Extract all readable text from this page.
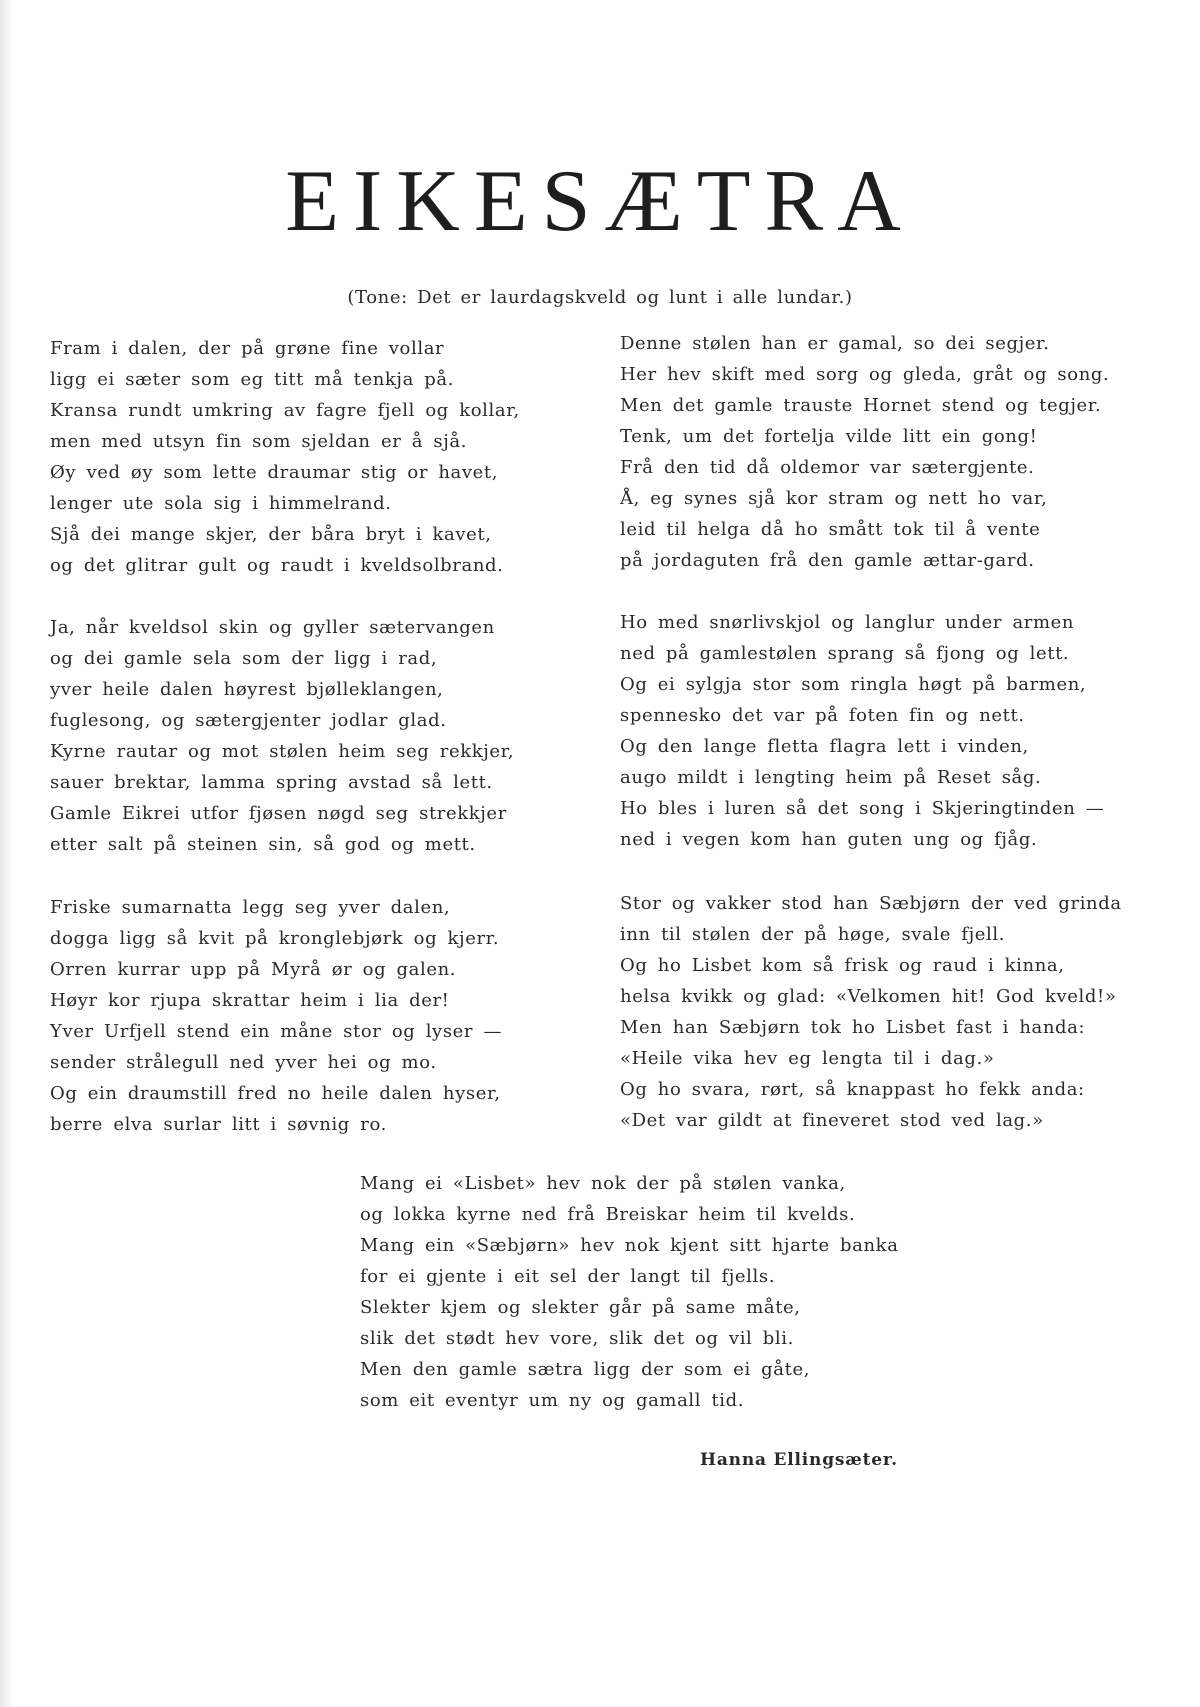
EIKESÆTRA

(Tone: Det er laurdagskveld og lunt i alle lundar.)

Fram i dalen, der på grøne fine vollar
ligg ei sæter som eg titt må tenkja på.
Kransa rundt umkring av fagre fjell og kollar,
men med utsyn fin som sjeldan er å sjå.
Øy ved øy som lette draumar stig or havet,
lenger ute sola sig i himmelrand.
Sjå dei mange skjer, der båra bryt i kavet,
og det glitrar gult og raudt i kveldsolbrand.
Ja, når kveldsol skin og gyller sætervangen
og dei gamle sela som der ligg i rad,
yver heile dalen høyrest bjølleklangen,
fuglesong, og sætergjenter jodlar glad.
Kyrne rautar og mot stølen heim seg rekkjer,
sauer brektar, lamma spring avstad så lett.
Gamle Eikrei utfor fjøsen nøgd seg strekkjer
etter salt på steinen sin, så god og mett.
Friske sumarnatta legg seg yver dalen,
dogga ligg så kvit på kronglebjørk og kjerr.
Orren kurrar upp på Myrå ør og galen.
Høyr kor rjupa skrattar heim i lia der!
Yver Urfjell stend ein måne stor og lyser —
sender strålegull ned yver hei og mo.
Og ein draumstill fred no heile dalen hyser,
berre elva surlar litt i søvnig ro.
Denne stølen han er gamal, so dei segjer.
Her hev skift med sorg og gleda, gråt og song.
Men det gamle trauste Hornet stend og tegjer.
Tenk, um det fortelja vilde litt ein gong!
Frå den tid då oldemor var sætergjente.
Å, eg synes sjå kor stram og nett ho var,
leid til helga då ho smått tok til å vente
på jordaguten frå den gamle ættar-gard.
Ho med snørlivskjol og langlur under armen
ned på gamlestølen sprang så fjong og lett.
Og ei sylgja stor som ringla høgt på barmen,
spennesko det var på foten fin og nett.
Og den lange fletta flagra lett i vinden,
augo mildt i lengting heim på Reset såg.
Ho bles i luren så det song i Skjeringtinden —
ned i vegen kom han guten ung og fjåg.
Stor og vakker stod han Sæbjørn der ved grinda
inn til stølen der på høge, svale fjell.
Og ho Lisbet kom så frisk og raud i kinna,
helsa kvikk og glad: «Velkomen hit! God kveld!»
Men han Sæbjørn tok ho Lisbet fast i handa:
«Heile vika hev eg lengta til i dag.»
Og ho svara, rørt, så knappast ho fekk anda:
«Det var gildt at fineveret stod ved lag.»
Mang ei «Lisbet» hev nok der på stølen vanka,
og lokka kyrne ned frå Breiskar heim til kvelds.
Mang ein «Sæbjørn» hev nok kjent sitt hjarte banka
for ei gjente i eit sel der langt til fjells.
Slekter kjem og slekter går på same måte,
slik det stødt hev vore, slik det og vil bli.
Men den gamle sætra ligg der som ei gåte,
som eit eventyr um ny og gamall tid.

Hanna Ellingsæter.
